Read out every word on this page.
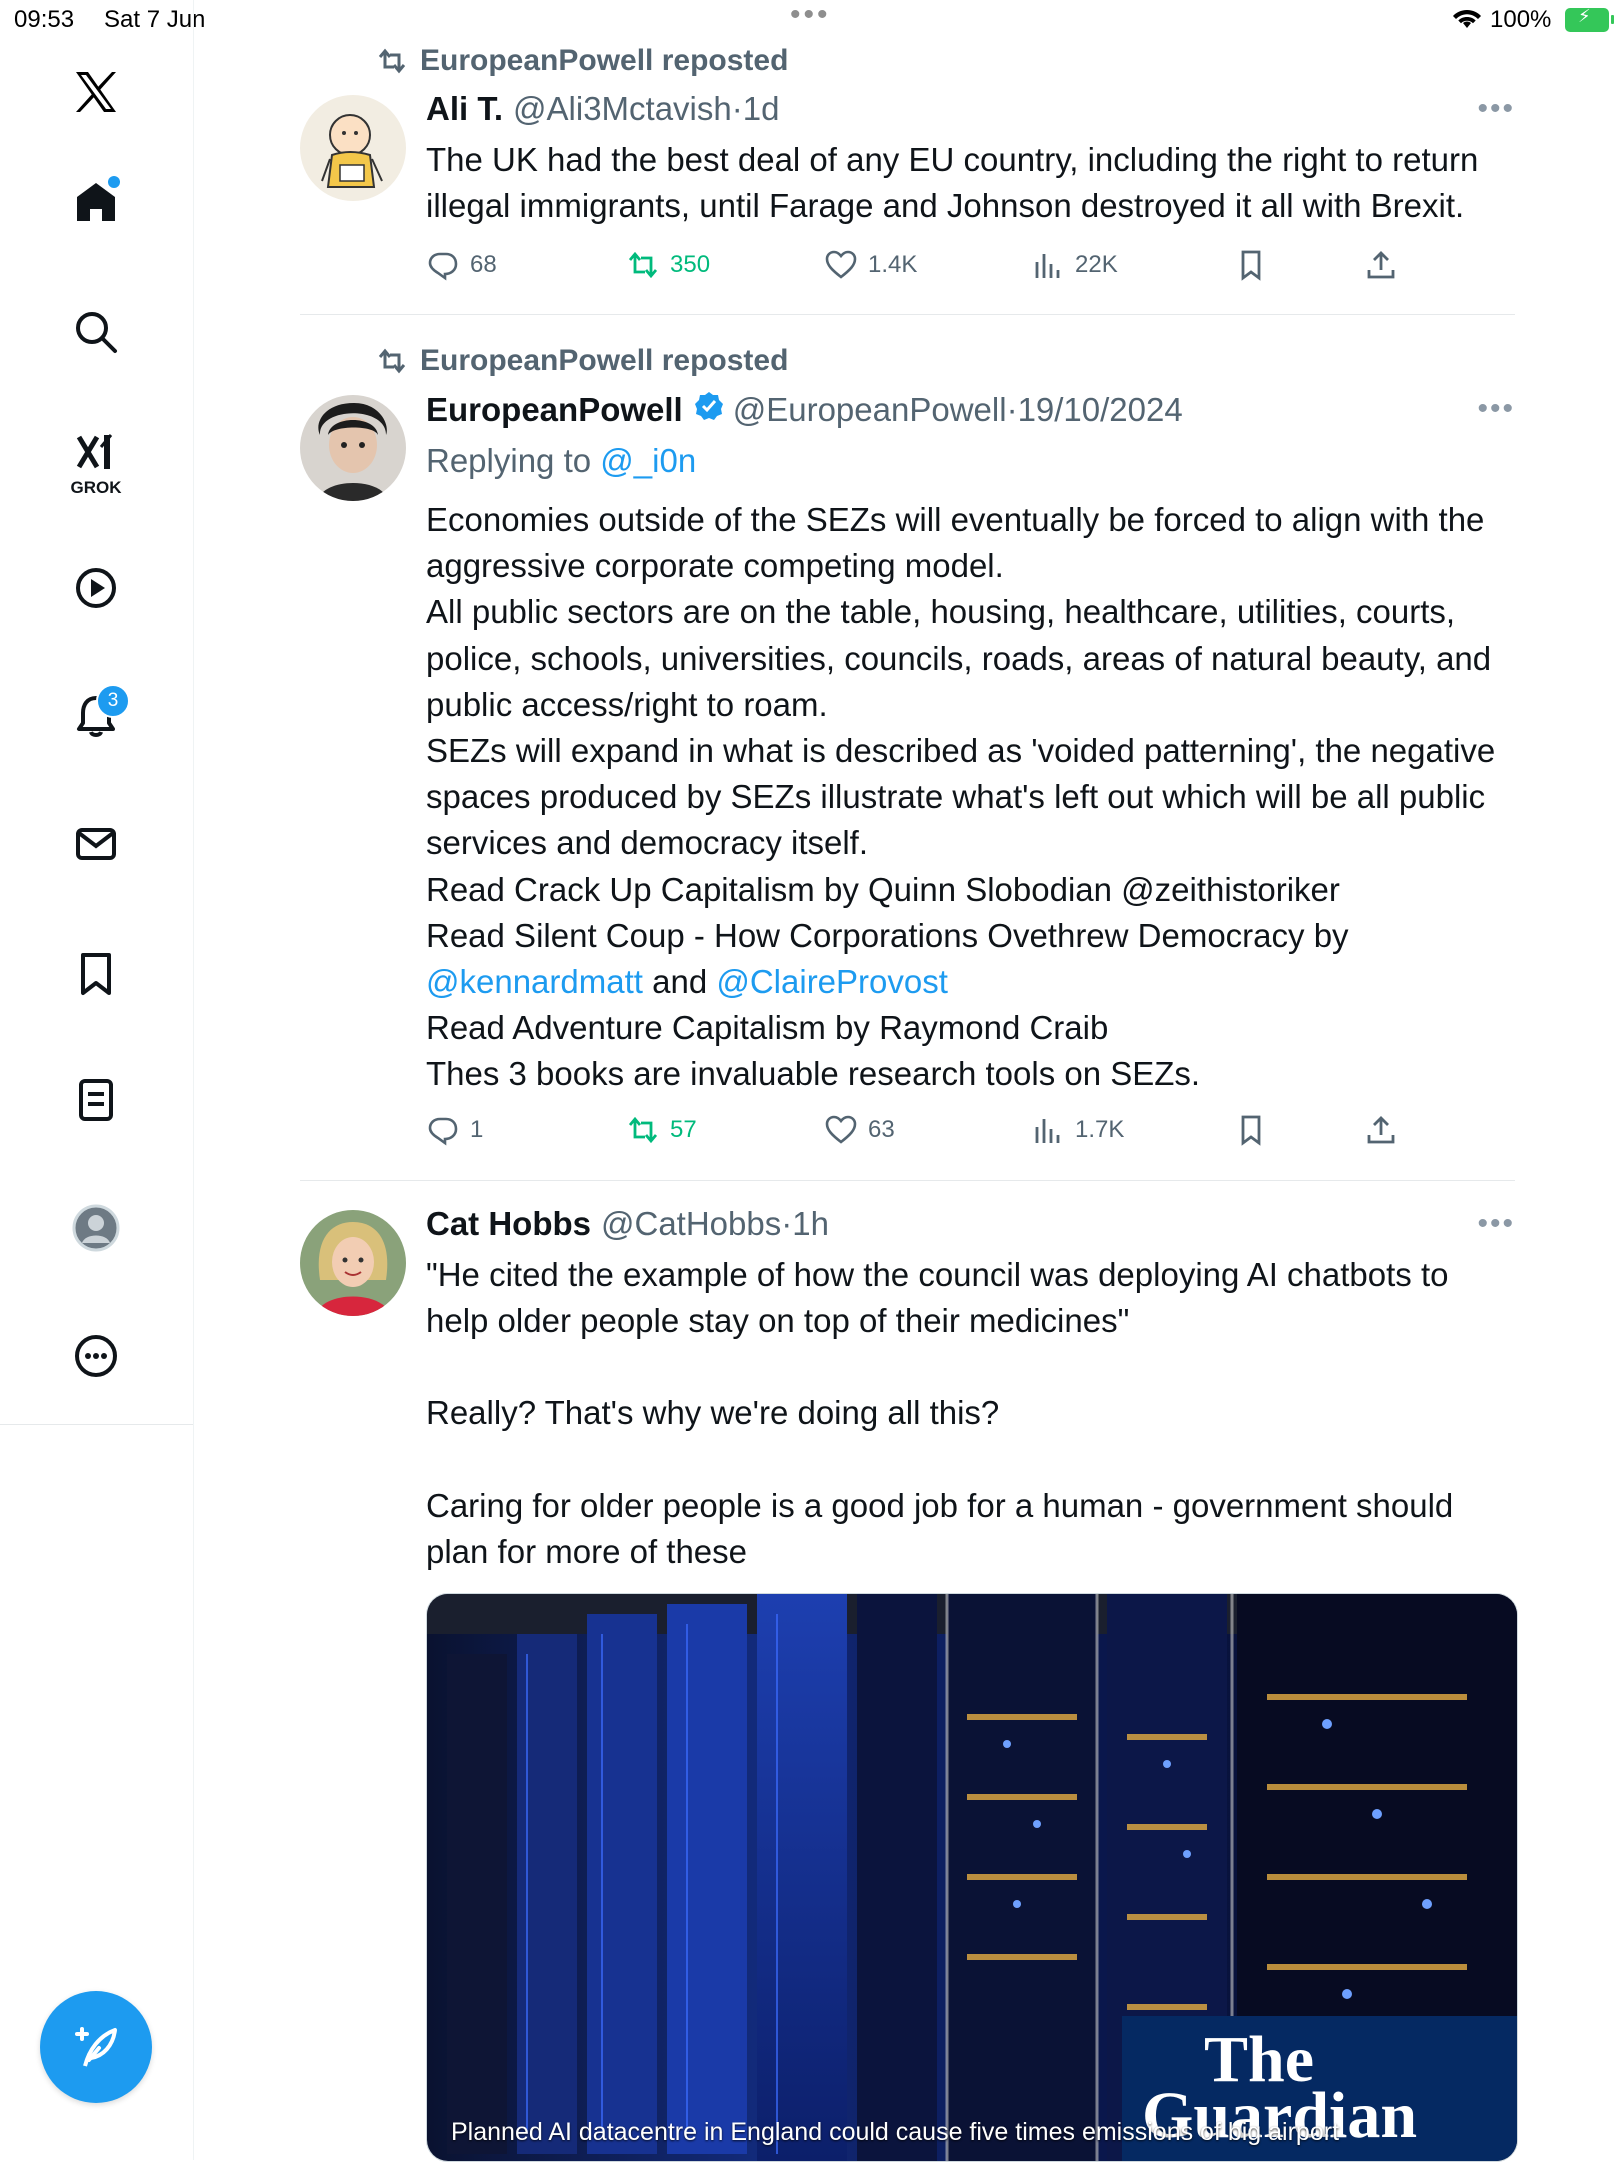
09:53 Sat 7 Jun	•••	100% ⚡
GROK
3
EuropeanPowell reposted
Ali T. @Ali3Mctavish · 1d	•••

The UK had the best deal of any EU country, including the right to return illegal immigrants, until Farage and Johnson destroyed it all with Brexit.

68	350	1.4K	22K
EuropeanPowell reposted
EuropeanPowell @EuropeanPowell · 19/10/2024	•••
Replying to @_i0n

Economies outside of the SEZs will eventually be forced to align with the aggressive corporate competing model.

All public sectors are on the table, housing, healthcare, utilities, courts, police, schools, universities, councils, roads, areas of natural beauty, and public access/right to roam.

SEZs will expand in what is described as 'voided patterning', the negative spaces produced by SEZs illustrate what's left out which will be all public services and democracy itself.

Read Crack Up Capitalism by Quinn Slobodian @zeithistoriker

Read Silent Coup - How Corporations Ovethrew Democracy by

@kennardmatt and @ClaireProvost

Read Adventure Capitalism by Raymond Craib

Thes 3 books are invaluable research tools on SEZs.

1	57	63	1.7K
Cat Hobbs @CatHobbs · 1h	•••

"He cited the example of how the council was deploying AI chatbots to help older people stay on top of their medicines"

Really? That's why we're doing all this?

Caring for older people is a good job for a human - government should plan for more of these

The
Guardian
Planned AI datacentre in England could cause five times emissions of big airport
